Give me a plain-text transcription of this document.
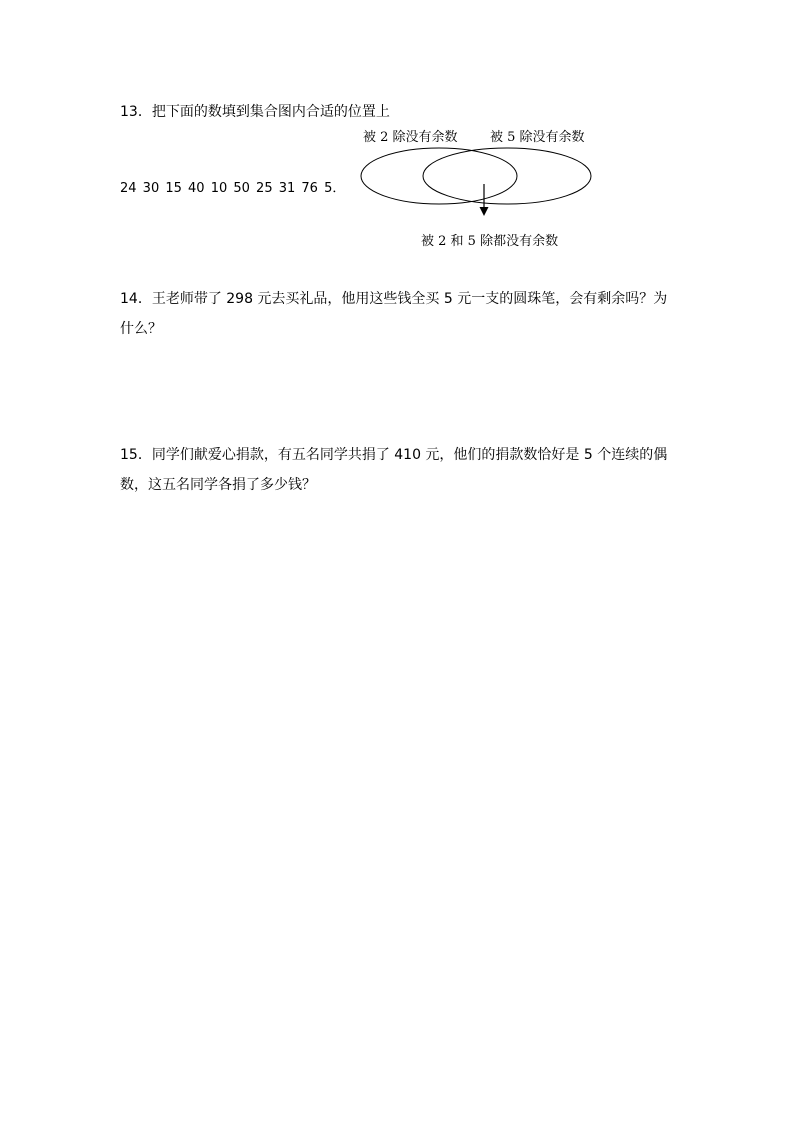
13．把下面的数填到集合图内合适的位置上

24 30 15 40 10 50 25 31 76 5．
被 2 除没有余数 被 5 除没有余数
被 2 和 5 除都没有余数

14．王老师带了 298 元去买礼品，他用这些钱全买 5 元一支的圆珠笔，会有剩余吗？为什么？

15．同学们献爱心捐款，有五名同学共捐了 410 元，他们的捐款数恰好是 5 个连续的偶数，这五名同学各捐了多少钱？
